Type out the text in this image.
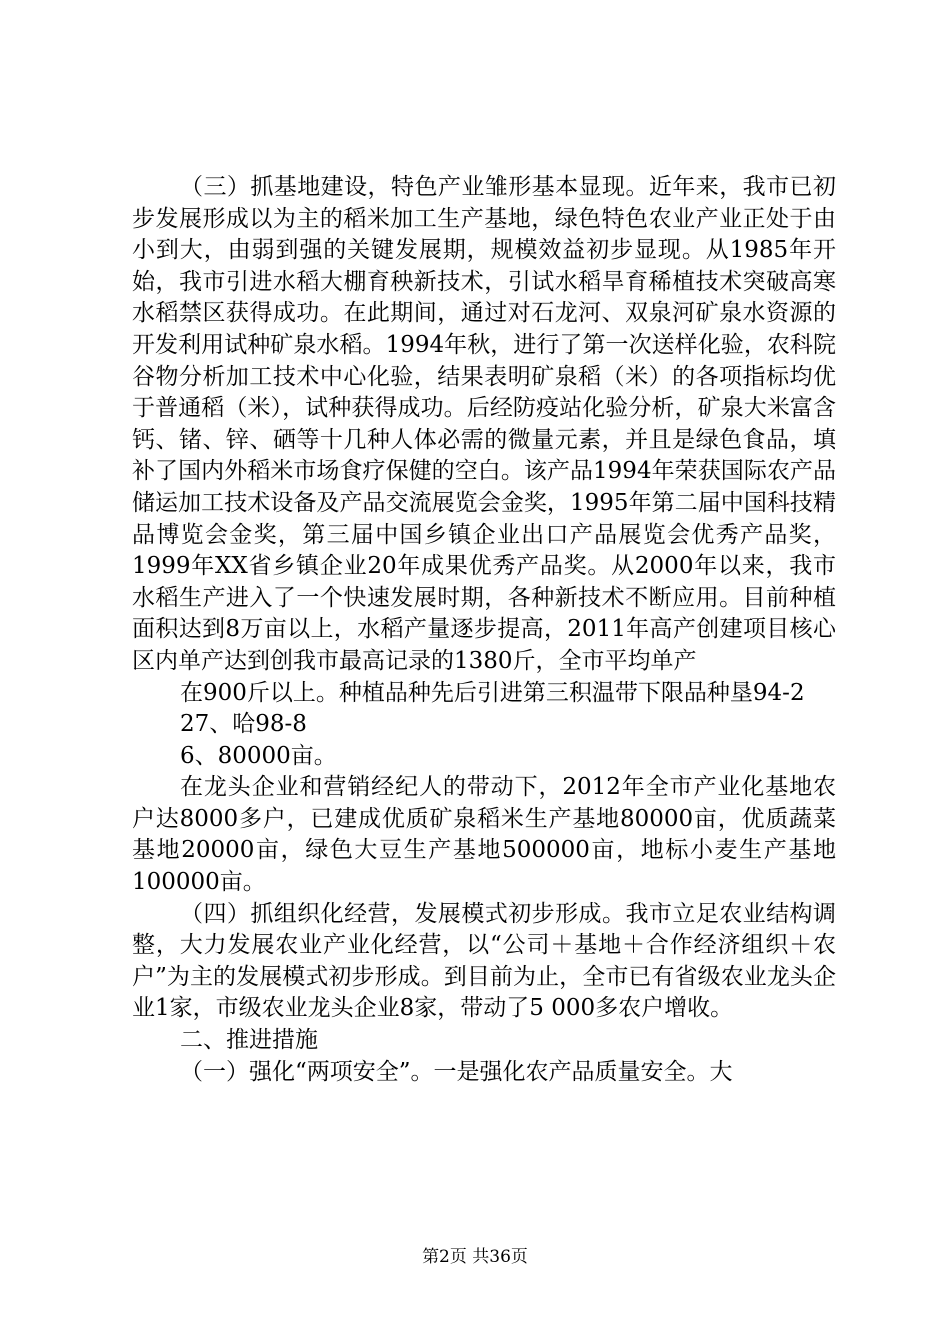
（三）抓基地建设，特色产业雏形基本显现。近年来，我市已初步发展形成以为主的稻米加工生产基地，绿色特色农业产业正处于由小到大，由弱到强的关键发展期，规模效益初步显现。从1985年开始，我市引进水稻大棚育秧新技术，引试水稻旱育稀植技术突破高寒水稻禁区获得成功。在此期间，通过对石龙河、双泉河矿泉水资源的开发利用试种矿泉水稻。1994年秋，进行了第一次送样化验，农科院谷物分析加工技术中心化验，结果表明矿泉稻（米）的各项指标均优于普通稻（米），试种获得成功。后经防疫站化验分析，矿泉大米富含钙、锗、锌、硒等十几种人体必需的微量元素，并且是绿色食品，填补了国内外稻米市场食疗保健的空白。该产品1994年荣获国际农产品储运加工技术设备及产品交流展览会金奖，1995年第二届中国科技精品博览会金奖，第三届中国乡镇企业出口产品展览会优秀产品奖，1999年XX省乡镇企业20年成果优秀产品奖。从2000年以来，我市水稻生产进入了一个快速发展时期，各种新技术不断应用。目前种植面积达到8万亩以上，水稻产量逐步提高，2011年高产创建项目核心区内单产达到创我市最高记录的1380斤，全市平均单产

在900斤以上。种植品种先后引进第三积温带下限品种垦94-2

27、哈98-8

6、80000亩。

在龙头企业和营销经纪人的带动下，2012年全市产业化基地农户达8000多户，已建成优质矿泉稻米生产基地80000亩，优质蔬菜基地20000亩，绿色大豆生产基地500000亩，地标小麦生产基地100000亩。

（四）抓组织化经营，发展模式初步形成。我市立足农业结构调整，大力发展农业产业化经营，以“公司＋基地＋合作经济组织＋农户”为主的发展模式初步形成。到目前为止，全市已有省级农业龙头企业1家，市级农业龙头企业8家，带动了5 000多农户增收。

二、推进措施

（一）强化“两项安全”。一是强化农产品质量安全。大

第2页 共36页
